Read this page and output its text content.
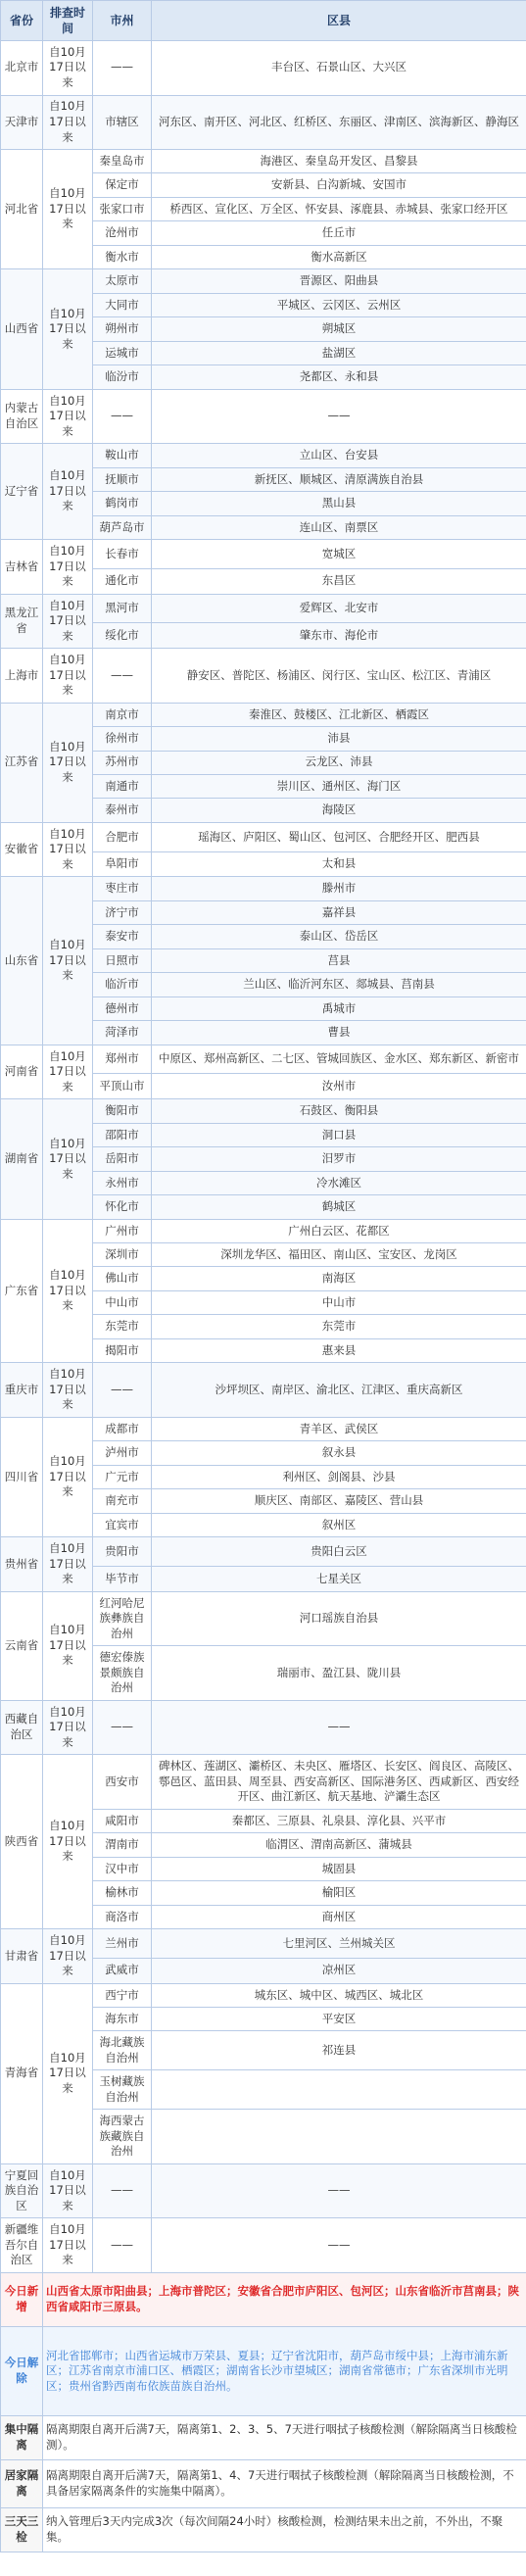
省份	排查时间	市州	区县
北京市	自10月17日以来	——	丰台区、石景山区、大兴区
天津市	自10月17日以来	市辖区	河东区、南开区、河北区、红桥区、东丽区、津南区、滨海新区、静海区
河北省	自10月17日以来	秦皇岛市	海港区、秦皇岛开发区、昌黎县
		保定市	安新县、白沟新城、安国市
		张家口市	桥西区、宣化区、万全区、怀安县、涿鹿县、赤城县、张家口经开区
		沧州市	任丘市
		衡水市	衡水高新区
山西省	自10月17日以来	太原市	晋源区、阳曲县
		大同市	平城区、云冈区、云州区
		朔州市	朔城区
		运城市	盐湖区
		临汾市	尧都区、永和县
内蒙古自治区	自10月17日以来	——	——
辽宁省	自10月17日以来	鞍山市	立山区、台安县
		抚顺市	新抚区、顺城区、清原满族自治县
		鹤岗市	黑山县
		葫芦岛市	连山区、南票区
吉林省	自10月17日以来	长春市	宽城区
		通化市	东昌区
黑龙江省	自10月17日以来	黑河市	爱辉区、北安市
		绥化市	肇东市、海伦市
上海市	自10月17日以来	——	静安区、普陀区、杨浦区、闵行区、宝山区、松江区、青浦区
江苏省	自10月17日以来	南京市	秦淮区、鼓楼区、江北新区、栖霞区
		徐州市	沛县
		苏州市	云龙区、沛县
		南通市	崇川区、通州区、海门区
		泰州市	海陵区
安徽省	自10月17日以来	合肥市	瑶海区、庐阳区、蜀山区、包河区、合肥经开区、肥西县
		阜阳市	太和县
山东省	自10月17日以来	枣庄市	滕州市
		济宁市	嘉祥县
		泰安市	泰山区、岱岳区
		日照市	莒县
		临沂市	兰山区、临沂河东区、郯城县、莒南县
		德州市	禹城市
		菏泽市	曹县
河南省	自10月17日以来	郑州市	中原区、郑州高新区、二七区、管城回族区、金水区、郑东新区、新密市
		平顶山市	汝州市
湖南省	自10月17日以来	衡阳市	石鼓区、衡阳县
		邵阳市	洞口县
		岳阳市	汨罗市
		永州市	冷水滩区
		怀化市	鹤城区
广东省	自10月17日以来	广州市	广州白云区、花都区
		深圳市	深圳龙华区、福田区、南山区、宝安区、龙岗区
		佛山市	南海区
		中山市	中山市
		东莞市	东莞市
		揭阳市	惠来县
重庆市	自10月17日以来	——	沙坪坝区、南岸区、渝北区、江津区、重庆高新区
四川省	自10月17日以来	成都市	青羊区、武侯区
		泸州市	叙永县
		广元市	利州区、剑阁县、沙县
		南充市	顺庆区、南部区、嘉陵区、营山县
		宜宾市	叙州区
贵州省	自10月17日以来	贵阳市	贵阳白云区
		毕节市	七星关区
云南省	自10月17日以来	红河哈尼族彝族自治州	河口瑶族自治县
		德宏傣族景颇族自治州	瑞丽市、盈江县、陇川县
西藏自治区	自10月17日以来	——	——
陕西省	自10月17日以来	西安市	碑林区、莲湖区、灞桥区、未央区、雁塔区、长安区、阎良区、高陵区、鄠邑区、蓝田县、周至县、西安高新区、国际港务区、西咸新区、西安经开区、曲江新区、航天基地、浐灞生态区
		咸阳市	秦都区、三原县、礼泉县、淳化县、兴平市
		渭南市	临渭区、渭南高新区、蒲城县
		汉中市	城固县
		榆林市	榆阳区
		商洛市	商州区
甘肃省	自10月17日以来	兰州市	七里河区、兰州城关区
		武威市	凉州区
青海省	自10月17日以来	西宁市	城东区、城中区、城西区、城北区
		海东市	平安区
		海北藏族自治州	祁连县
		玉树藏族自治州	
		海西蒙古族藏族自治州	
宁夏回族自治区	自10月17日以来	——	——
新疆维吾尔自治区	自10月17日以来	——	——
今日新增	山西省太原市阳曲县；上海市普陀区；安徽省合肥市庐阳区、包河区；山东省临沂市莒南县；陕西省咸阳市三原县。		
今日解除	河北省邯郸市；山西省运城市万荣县、夏县；辽宁省沈阳市，葫芦岛市绥中县；上海市浦东新区；江苏省南京市浦口区、栖霞区；湖南省长沙市望城区；湖南省常德市；广东省深圳市光明区；贵州省黔西南布依族苗族自治州。		
集中隔离	隔离期限自离开后满7天，隔离第1、2、3、5、7天进行咽拭子核酸检测（解除隔离当日核酸检测）。		
居家隔离	隔离期限自离开后满7天，隔离第1、4、7天进行咽拭子核酸检测（解除隔离当日核酸检测，不具备居家隔离条件的实施集中隔离）。		
三天三检	纳入管理后3天内完成3次（每次间隔24小时）核酸检测，检测结果未出之前，不外出，不聚集。		
